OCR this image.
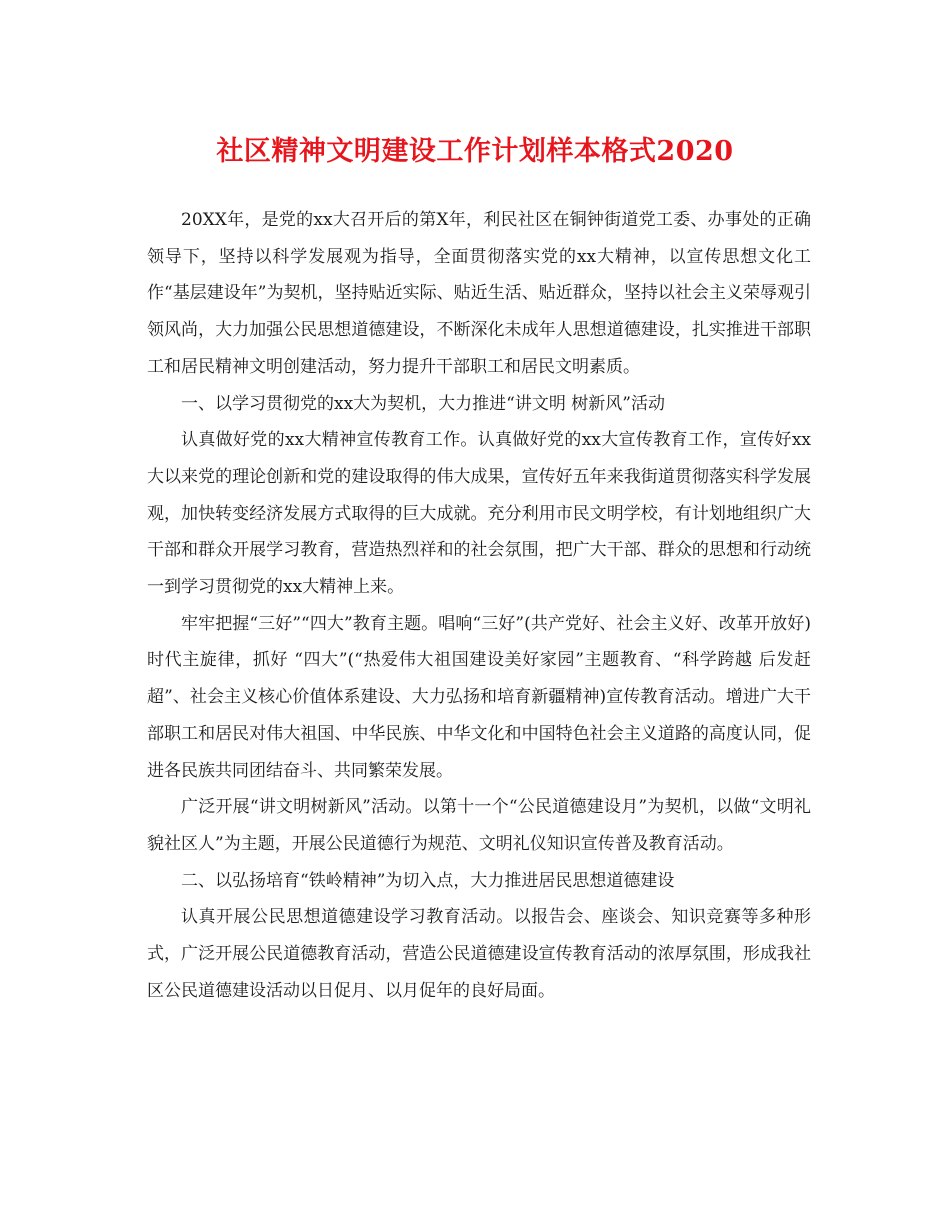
社区精神文明建设工作计划样本格式2020

20XX年，是党的xx大召开后的第X年，利民社区在铜钟街道党工委、办事处的正确领导下，坚持以科学发展观为指导，全面贯彻落实党的xx大精神，以宣传思想文化工作“基层建设年”为契机，坚持贴近实际、贴近生活、贴近群众，坚持以社会主义荣辱观引领风尚，大力加强公民思想道德建设，不断深化未成年人思想道德建设，扎实推进干部职工和居民精神文明创建活动，努力提升干部职工和居民文明素质。

一、以学习贯彻党的xx大为契机，大力推进“讲文明 树新风”活动

认真做好党的xx大精神宣传教育工作。认真做好党的xx大宣传教育工作，宣传好xx大以来党的理论创新和党的建设取得的伟大成果，宣传好五年来我街道贯彻落实科学发展观，加快转变经济发展方式取得的巨大成就。充分利用市民文明学校，有计划地组织广大干部和群众开展学习教育，营造热烈祥和的社会氛围，把广大干部、群众的思想和行动统一到学习贯彻党的xx大精神上来。

牢牢把握“三好”“四大”教育主题。唱响“三好”(共产党好、社会主义好、改革开放好)时代主旋律，抓好 “四大”(“热爱伟大祖国建设美好家园”主题教育、“科学跨越 后发赶超”、社会主义核心价值体系建设、大力弘扬和培育新疆精神)宣传教育活动。增进广大干部职工和居民对伟大祖国、中华民族、中华文化和中国特色社会主义道路的高度认同，促进各民族共同团结奋斗、共同繁荣发展。

广泛开展“讲文明树新风”活动。以第十一个“公民道德建设月”为契机，以做“文明礼貌社区人”为主题，开展公民道德行为规范、文明礼仪知识宣传普及教育活动。

二、以弘扬培育“铁岭精神”为切入点，大力推进居民思想道德建设

认真开展公民思想道德建设学习教育活动。以报告会、座谈会、知识竞赛等多种形式，广泛开展公民道德教育活动，营造公民道德建设宣传教育活动的浓厚氛围，形成我社区公民道德建设活动以日促月、以月促年的良好局面。
